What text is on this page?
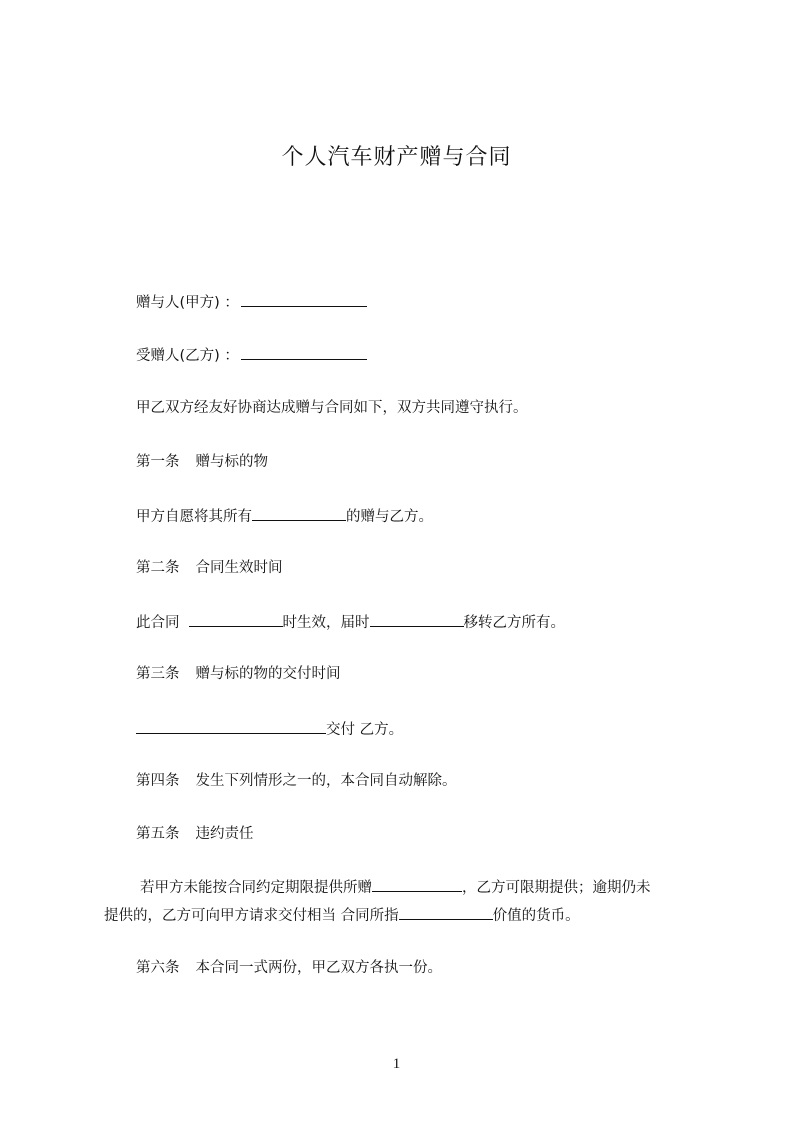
个人汽车财产赠与合同
赠与人(甲方) ：
受赠人(乙方) ：
甲乙双方经友好协商达成赠与合同如下，双方共同遵守执行。
第一条 赠与标的物
甲方自愿将其所有	的赠与乙方。
第二条 合同生效时间
此合同	时生效，届时	移转乙方所有。
第三条 赠与标的物的交付时间
交付 乙方。
第四条 发生下列情形之一的，本合同自动解除。
第五条 违约责任
若甲方未能按合同约定期限提供所赠	，乙方可限期提供；逾期仍未
提供的，乙方可向甲方请求交付相当 合同所指	价值的货币。
第六条 本合同一式两份，甲乙双方各执一份。
1
